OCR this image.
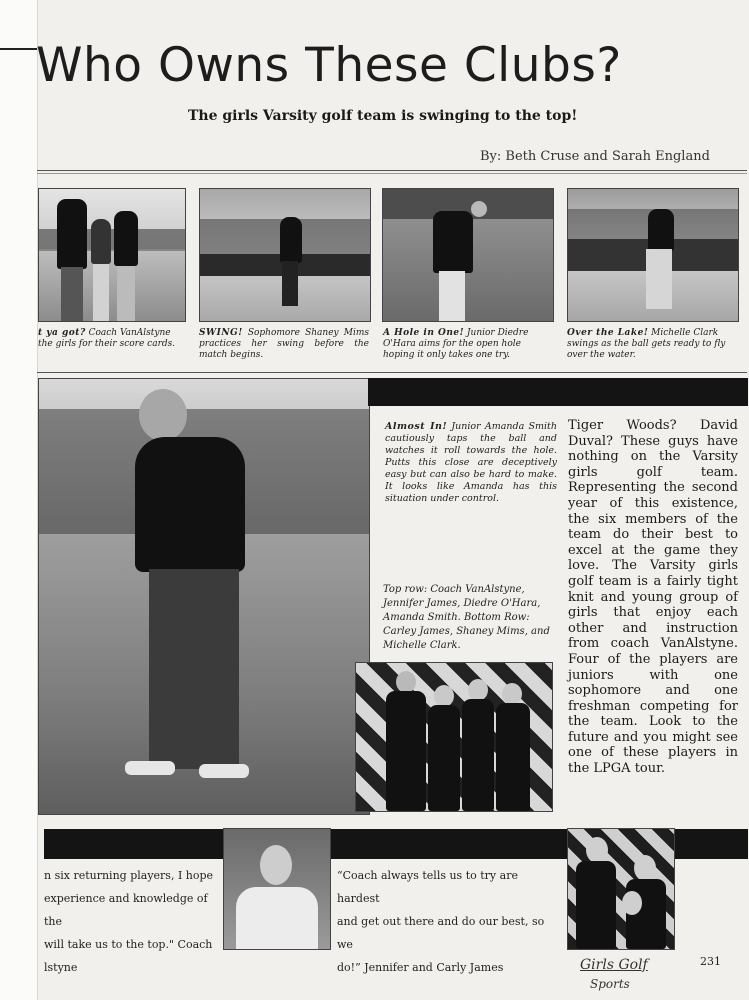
Who Owns These Clubs?
The girls Varsity golf team is swinging to the top!
By: Beth Cruse and Sarah England
t ya got? Coach VanAlstyne the girls for their score cards.
SWING! Sophomore Shaney Mims practices her swing before the match begins.
A Hole in One! Junior Diedre O'Hara aims for the open hole hoping it only takes one try.
Over the Lake! Michelle Clark swings as the ball gets ready to fly over the water.
Almost In! Junior Amanda Smith cautiously taps the ball and watches it roll towards the hole. Putts this close are deceptively easy but can also be hard to make. It looks like Amanda has this situation under control.
Top row: Coach VanAlstyne, Jennifer James, Diedre O'Hara, Amanda Smith. Bottom Row: Carley James, Shaney Mims, and Michelle Clark.
Tiger Woods? David Duval? These guys have nothing on the Varsity girls golf team. Representing the second year of this existence, the six members of the team do their best to excel at the game they love. The Varsity girls golf team is a fairly tight knit and young group of girls that enjoy each other and instruction from coach VanAlstyne. Four of the players are juniors with one sophomore and one freshman competing for the team. Look to the future and you might see one of these players in the LPGA tour.
n six returning players, I hope
experience and knowledge of the
will take us to the top." Coach
lstyne
“Coach always tells us to try are hardest
and get out there and do our best, so we
do!” Jennifer and Carly James	Girls Golf
Sports
231
